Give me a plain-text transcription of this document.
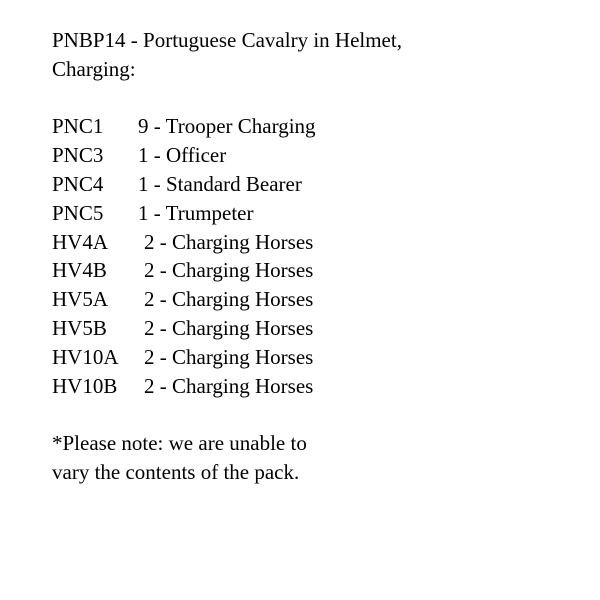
PNBP14 - Portuguese Cavalry in Helmet,
Charging:
PNC1 9 - Trooper Charging
PNC3 1 - Officer
PNC4 1 - Standard Bearer
PNC5 1 - Trumpeter
HV4A 2 - Charging Horses
HV4B 2 - Charging Horses
HV5A 2 - Charging Horses
HV5B 2 - Charging Horses
HV10A 2 - Charging Horses
HV10B 2 - Charging Horses
*Please note: we are unable to
vary the contents of the pack.
